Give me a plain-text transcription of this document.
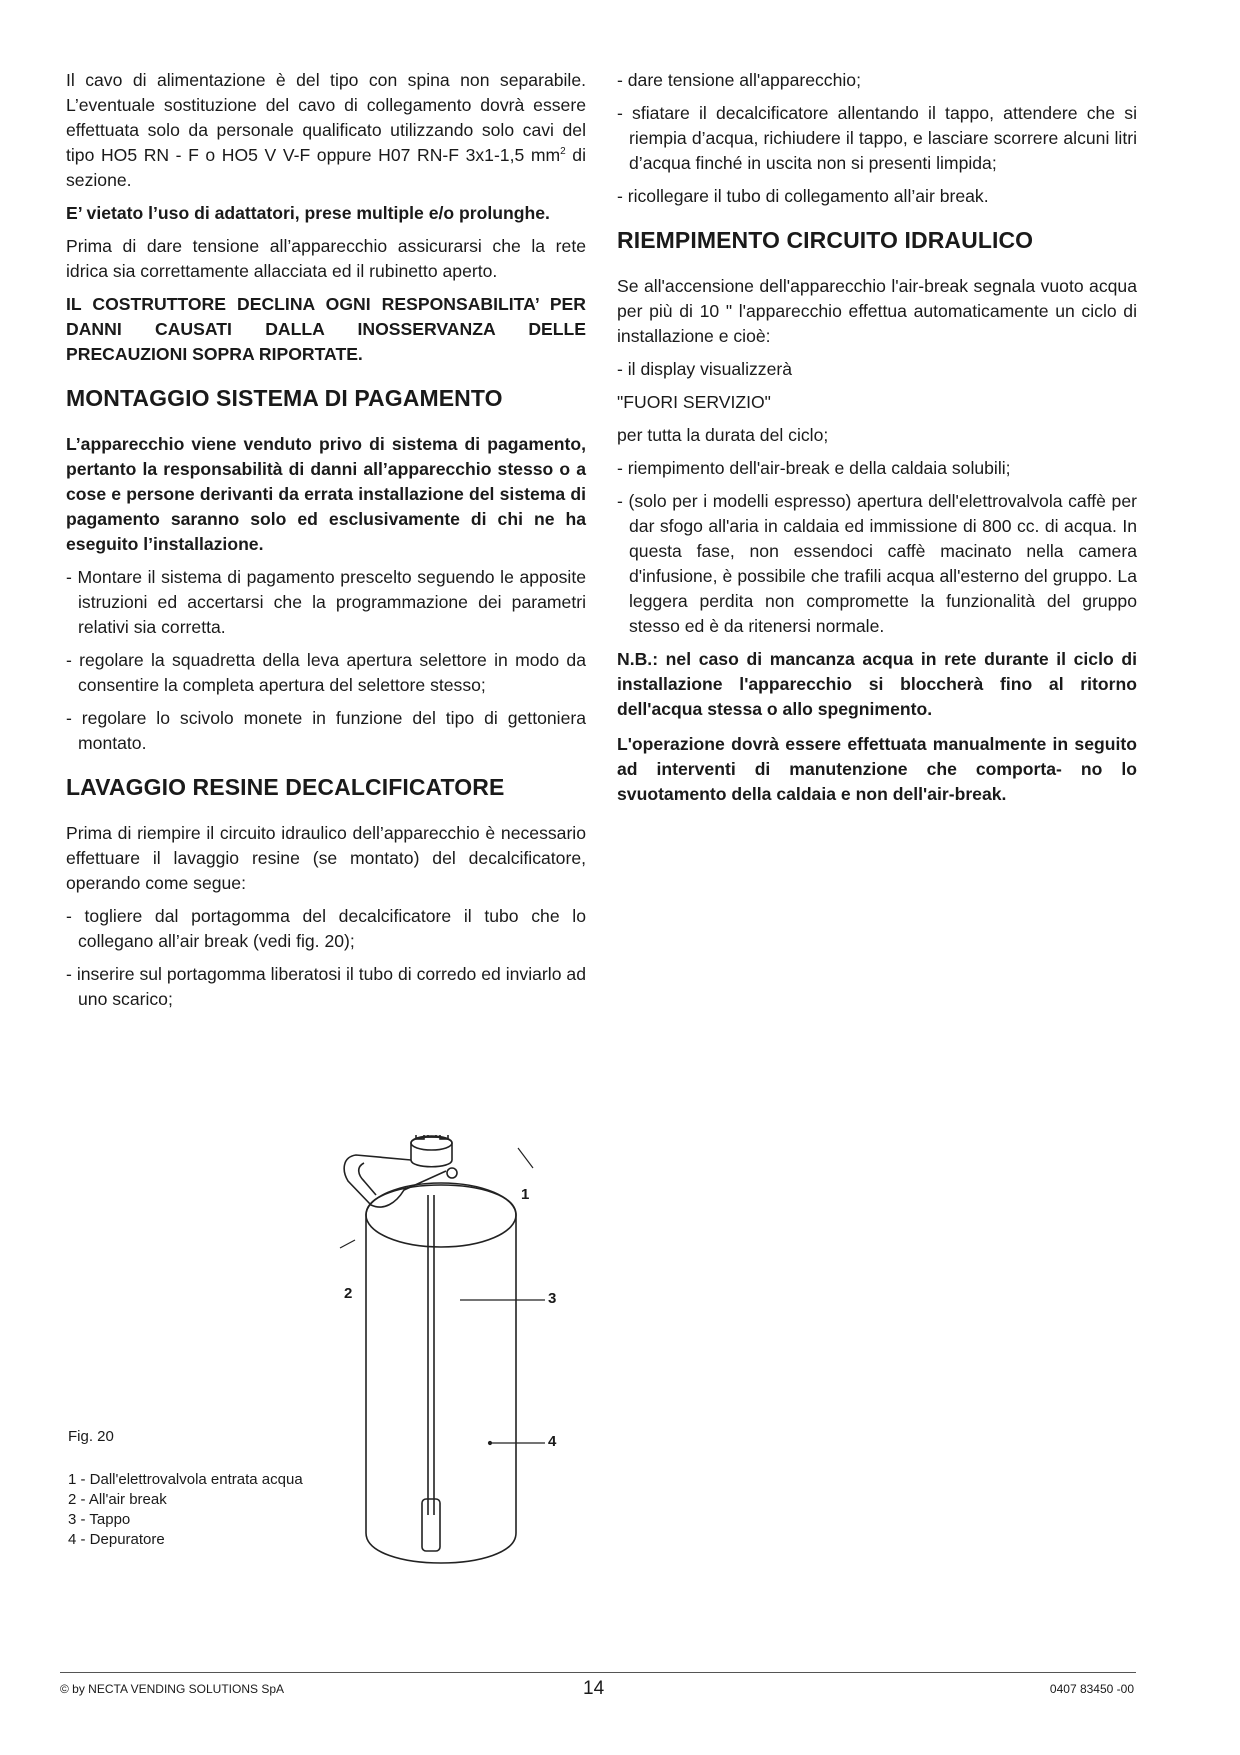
Il cavo di alimentazione è del tipo con spina non separabile. L’eventuale sostituzione del cavo di collegamento dovrà essere effettuata solo da personale qualificato utilizzando solo cavi del tipo HO5 RN - F o HO5 V V-F oppure H07 RN-F 3x1-1,5 $mm^2$ di sezione.

E’ vietato l’uso di adattatori, prese multiple e/o prolunghe.

Prima di dare tensione all’apparecchio assicurarsi che la rete idrica sia correttamente allacciata ed il rubinetto aperto.

IL COSTRUTTORE DECLINA OGNI RESPONSABILITA’ PER DANNI CAUSATI DALLA INOSSERVANZA DELLE PRECAUZIONI SOPRA RIPORTATE.

MONTAGGIO SISTEMA DI PAGAMENTO

L’apparecchio viene venduto privo di sistema di pagamento, pertanto la responsabilità di danni all’apparecchio stesso o a cose e persone derivanti da errata installazione del sistema di pagamento saranno solo ed esclusivamente di chi ne ha eseguito l’installazione.

- Montare il sistema di pagamento prescelto seguendo le apposite istruzioni ed accertarsi che la programmazione dei parametri relativi sia corretta.

- regolare la squadretta della leva apertura selettore in modo da consentire la completa apertura del selettore stesso;

- regolare lo scivolo monete in funzione del tipo di gettoniera montato.

LAVAGGIO RESINE DECALCIFICATORE

Prima di riempire il circuito idraulico dell’apparecchio è necessario effettuare il lavaggio resine (se montato) del decalcificatore, operando come segue:

- togliere dal portagomma del decalcificatore il tubo che lo collegano all’air break (vedi fig. 20);

- inserire sul portagomma liberatosi il tubo di corredo ed inviarlo ad uno scarico;

- dare tensione all'apparecchio;

- sfiatare il decalcificatore allentando il tappo, attendere che si riempia d’acqua, richiudere il tappo, e lasciare scorrere alcuni litri d’acqua finché in uscita non si presenti limpida;

- ricollegare il tubo di collegamento all’air break.

RIEMPIMENTO CIRCUITO IDRAULICO

Se all'accensione dell'apparecchio l'air-break segnala vuoto acqua per più di 10 " l'apparecchio effettua automaticamente un ciclo di installazione e cioè:

- il display visualizzerà

"FUORI SERVIZIO"

per tutta la durata del ciclo;

- riempimento dell'air-break e della caldaia solubili;

- (solo per i modelli espresso) apertura dell'elettrovalvola caffè per dar sfogo all'aria in caldaia ed immissione di 800 cc. di acqua. In questa fase, non essendoci caffè macinato nella camera d'infusione, è possibile che trafili acqua all'esterno del gruppo. La leggera perdita non compromette la funzionalità del gruppo stesso ed è da ritenersi normale.

N.B.: nel caso di mancanza acqua in rete durante il ciclo di installazione l'apparecchio si bloccherà fino al ritorno dell'acqua stessa o allo spegnimento.

L'operazione dovrà essere effettuata manualmente in seguito ad interventi di manutenzione che comporta- no lo svuotamento della caldaia e non dell'air-break.

1
2	3
4
Fig. 20
1 - Dall'elettrovalvola entrata acqua
2 - All'air break
3 - Tappo
4 - Depuratore
© by NECTA VENDING SOLUTIONS SpA	14	0407 83450 -00
